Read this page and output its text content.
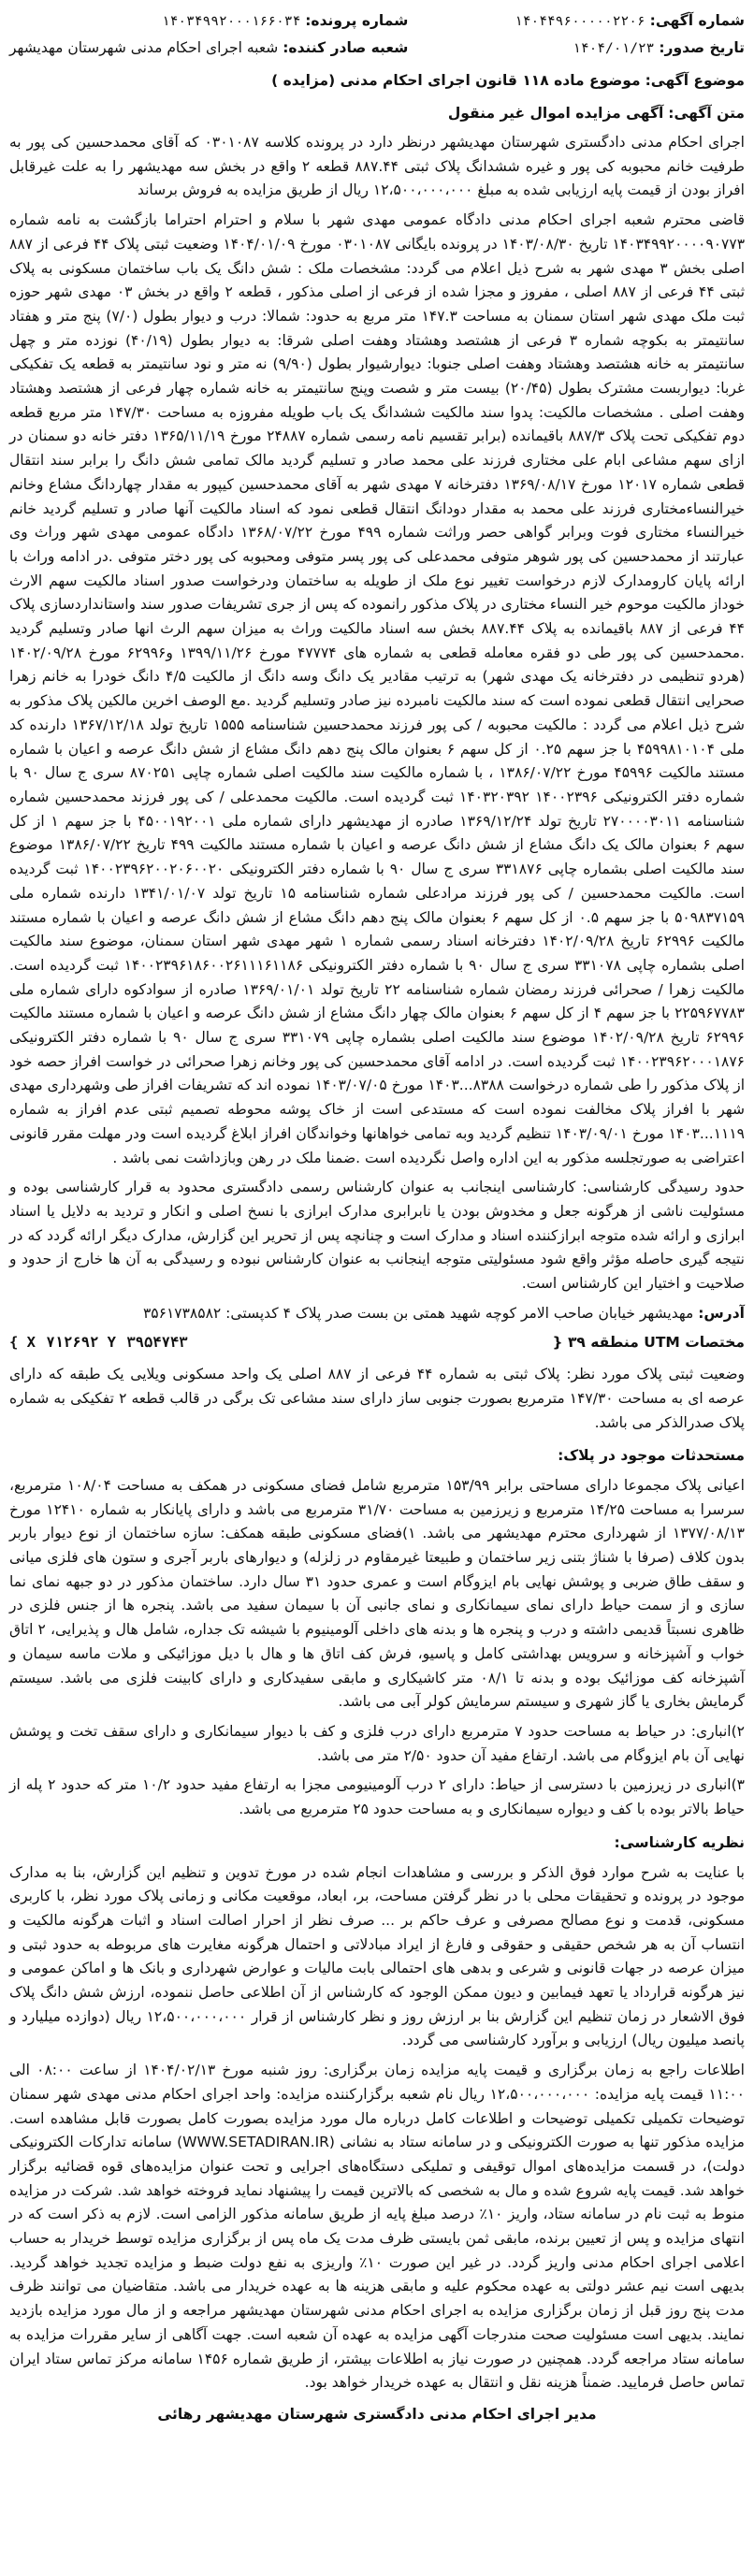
شماره آگهی: ۱۴۰۴۴۹۶۰۰۰۰۰۲۲۰۶
تاریخ صدور: ۱۴۰۴/۰۱/۲۳
شماره پرونده: ۱۴۰۳۴۹۹۲۰۰۰۱۶۶۰۳۴
شعبه صادر کننده: شعبه اجرای احکام مدنی شهرستان مهدیشهر
موضوع آگهی: موضوع ماده ۱۱۸ قانون اجرای احکام مدنی (مزایده )
متن آگهی: آگهی مزایده اموال غیر منقول

اجرای احکام مدنی دادگستری شهرستان مهدیشهر درنظر دارد در پرونده کلاسه ۰۳۰۱۰۸۷ که آقای محمدحسین کی پور به طرفیت خانم محبوبه کی پور و غیره ششدانگ پلاک ثبتی ۸۸۷.۴۴ قطعه ۲ واقع در بخش سه مهدیشهر را به علت غیرقابل افراز بودن از قیمت پایه ارزیابی شده به مبلغ ۱۲،۵۰۰،۰۰۰،۰۰۰ ریال از طریق مزایده به فروش برساند

قاضی محترم شعبه اجرای احکام مدنی دادگاه عمومی مهدی شهر با سلام و احترام احتراما بازگشت به نامه شماره ۱۴۰۳۴۹۹۲۰۰۰۰۹۰۷۷۳ تاریخ ۱۴۰۳/۰۸/۳۰ در پرونده بایگانی ۰۳۰۱۰۸۷ مورخ ۱۴۰۴/۰۱/۰۹ وضعیت ثبتی پلاک ۴۴ فرعی از ۸۸۷ اصلی بخش ۳ مهدی شهر به شرح ذیل اعلام می گردد: مشخصات ملک : شش دانگ یک باب ساختمان مسکونی به پلاک ثبتی ۴۴ فرعی از ۸۸۷ اصلی ، مفروز و مجزا شده از فرعی از اصلی مذکور ، قطعه ۲ واقع در بخش ۰۳ مهدی شهر حوزه ثبت ملک مهدی شهر استان سمنان به مساحت ۱۴۷.۳ متر مربع به حدود: شمالا: درب و دیوار بطول (۷/۰) پنج متر و هفتاد سانتیمتر به بکوچه شماره ۳ فرعی از هشتصد وهشتاد وهفت اصلی شرقا: به دیوار بطول (۴۰/۱۹) نوزده متر و چهل سانتیمتر به خانه هشتصد وهشتاد وهفت اصلی جنوبا: دیوارشیوار بطول (۹/۹۰) نه متر و نود سانتیمتر به قطعه یک تفکیکی غربا: دیواربست مشترک بطول (۲۰/۴۵) بیست متر و شصت وپنج سانتیمتر به خانه شماره چهار فرعی از هشتصد وهشتاد وهفت اصلی . مشخصات مالکیت: پدوا سند مالکیت ششدانگ یک باب طویله مفروزه به مساحت ۱۴۷/۳۰ متر مربع قطعه دوم تفکیکی تحت پلاک ۸۸۷/۳ باقیمانده (برابر تقسیم نامه رسمی شماره ۲۴۸۸۷ مورخ ۱۳۶۵/۱۱/۱۹ دفتر خانه دو سمنان در ازای سهم مشاعی ابام علی مختاری فرزند علی محمد صادر و تسلیم گردید مالک تمامی شش دانگ را برابر سند انتقال قطعی شماره ۱۲۰۱۷ مورخ ۱۳۶۹/۰۸/۱۷ دفترخانه ۷ مهدی شهر به آقای محمدحسین کیپور به مقدار چهاردانگ مشاع وخانم خیرالنساءمختاری فرزند علی محمد به مقدار دودانگ انتقال قطعی نمود که اسناد مالکیت آنها صادر و تسلیم گردید خانم خیرالنساء مختاری فوت وبرابر گواهی حصر وراثت شماره ۴۹۹ مورخ ۱۳۶۸/۰۷/۲۲ دادگاه عمومی مهدی شهر وراث وی عبارتند از محمدحسین کی پور شوهر متوفی محمدعلی کی پور پسر متوفی ومحبوبه کی پور دختر متوفی .در ادامه وراث با ارائه پایان کارومدارک لازم درخواست تغییر نوع ملک از طویله به ساختمان ودرخواست صدور اسناد مالکیت سهم الارث خوداز مالکیت موحوم خیر النساء مختاری در پلاک مذکور رانموده که پس از جری تشریفات صدور سند واستانداردسازی پلاک ۴۴ فرعی از ۸۸۷ باقیمانده به پلاک ۸۸۷.۴۴ بخش سه اسناد مالکیت وراث به میزان سهم الرث انها صادر وتسلیم گردید .محمدحسین کی پور طی دو فقره معامله قطعی به شماره های ۴۷۷۷۴ مورخ ۱۳۹۹/۱۱/۲۶ و۶۲۹۹۶ مورخ ۱۴۰۲/۰۹/۲۸ (هردو تنظیمی در دفترخانه یک مهدی شهر) به ترتیب مقادیر یک دانگ وسه دانگ از مالکیت ۴/۵ دانگ خودرا به خانم زهرا صحرایی انتقال قطعی نموده است که سند مالکیت نامبرده نیز صادر وتسلیم گردید .مع الوصف اخرین مالکین پلاک مذکور به شرح ذیل اعلام می گردد : مالکیت محبوبه / کی پور فرزند محمدحسین شناسنامه ۱۵۵۵ تاریخ تولد ۱۳۶۷/۱۲/۱۸ دارنده کد ملی ۴۵۹۹۸۱۰۱۰۴ با جز سهم ۰.۲۵ از کل سهم ۶ بعنوان مالک پنج دهم دانگ مشاع از شش دانگ عرصه و اعیان با شماره مستند مالکیت ۴۵۹۹۶ مورخ ۱۳۸۶/۰۷/۲۲ ، با شماره مالکیت سند مالکیت اصلی شماره چاپی ۸۷۰۲۵۱ سری ج سال ۹۰ با شماره دفتر الکترونیکی ۱۴۰۰۲۳۹۶ ۱۴۰۳۲۰۳۹۲ ثبت گردیده است. مالکیت محمدعلی / کی پور فرزند محمدحسین شماره شناسنامه ۲۷۰۰۰۰۳۰۱۱ تاریخ تولد ۱۳۶۹/۱۲/۲۴ صادره از مهدیشهر دارای شماره ملی ۴۵۰۰۱۹۲۰۰۱ با جز سهم ۱ از کل سهم ۶ بعنوان مالک یک دانگ مشاع از شش دانگ عرصه و اعیان با شماره مستند مالکیت ۴۹۹ تاریخ ۱۳۸۶/۰۷/۲۲ موضوع سند مالکیت اصلی بشماره چاپی ۳۳۱۸۷۶ سری ج سال ۹۰ با شماره دفتر الکترونیکی ۱۴۰۰۲۳۹۶۲۰۰۲۰۶۰۰۲۰ ثبت گردیده است. مالکیت محمدحسین / کی پور فرزند مرادعلی شماره شناسنامه ۱۵ تاریخ تولد ۱۳۴۱/۰۱/۰۷ دارنده شماره ملی ۵۰۹۸۳۷۱۵۹ با جز سهم ۰.۵ از کل سهم ۶ بعنوان مالک پنج دهم دانگ مشاع از شش دانگ عرصه و اعیان با شماره مستند مالکیت ۶۲۹۹۶ تاریخ ۱۴۰۲/۰۹/۲۸ دفترخانه اسناد رسمی شماره ۱ شهر مهدی شهر استان سمنان، موضوع سند مالکیت اصلی بشماره چاپی ۳۳۱۰۷۸ سری ج سال ۹۰ با شماره دفتر الکترونیکی ۱۴۰۰۲۳۹۶۱۸۶۰۰۲۶۱۱۱۶۱۱۸۶ ثبت گردیده است. مالکیت زهرا / صحرائی فرزند رمضان شماره شناسنامه ۲۲ تاریخ تولد ۱۳۶۹/۰۱/۰۱ صادره از سوادکوه دارای شماره ملی ۲۲۵۹۶۷۷۸۳ با جز سهم ۴ از کل سهم ۶ بعنوان مالک چهار دانگ مشاع از شش دانگ عرصه و اعیان با شماره مستند مالکیت ۶۲۹۹۶ تاریخ ۱۴۰۲/۰۹/۲۸ موضوع سند مالکیت اصلی بشماره چاپی ۳۳۱۰۷۹ سری ج سال ۹۰ با شماره دفتر الکترونیکی ۱۴۰۰۲۳۹۶۲۰۰۰۱۸۷۶ ثبت گردیده است. در ادامه آقای محمدحسین کی پور وخانم زهرا صحرائی در خواست افراز حصه خود از پلاک مذکور را طی شماره درخواست ۸۳۸۸...۱۴۰۳ مورخ ۱۴۰۳/۰۷/۰۵ نموده اند که تشریفات افراز طی وشهرداری مهدی شهر با افراز پلاک مخالفت نموده است که مستدعی است از خاک پوشه محوطه تصمیم ثبتی عدم افراز به شماره ۱۱۱۹...۱۴۰۳ مورخ ۱۴۰۳/۰۹/۰۱ تنظیم گردید وبه تمامی خواهانها وخواندگان افراز ابلاغ گردیده است ودر مهلت مقرر قانونی اعتراضی به صورتجلسه مذکور به این اداره واصل نگردیده است .ضمنا ملک در رهن وبازداشت نمی باشد .

حدود رسیدگی کارشناسی: کارشناسی اینجانب به عنوان کارشناس رسمی دادگستری محدود به قرار کارشناسی بوده و مسئولیت ناشی از هرگونه جعل و مخدوش بودن یا نابرابری مدارک ابرازی با نسخ اصلی و انکار و تردید به دلایل یا اسناد ابرازی و ارائه شده متوجه ابرازکننده اسناد و مدارک است و چنانچه پس از تحریر این گزارش، مدارک دیگر ارائه گردد که در نتیجه گیری حاصله مؤثر واقع شود مسئولیتی متوجه اینجانب به عنوان کارشناس نبوده و رسیدگی به آن ها خارج از حدود و صلاحیت و اختیار این کارشناس است.

آدرس: مهدیشهر خیابان صاحب الامر کوچه شهید همتی بن بست صدر پلاک ۴ کدپستی: ۳۵۶۱۷۳۸۵۸۲
مختصات UTM منطقه ۳۹ {
X ۷۱۲۶۹۲ Y ۳۹۵۴۷۴۳ }

وضعیت ثبتی پلاک مورد نظر: پلاک ثبتی به شماره ۴۴ فرعی از ۸۸۷ اصلی یک واحد مسکونی ویلایی یک طبقه که دارای عرصه ای به مساحت ۱۴۷/۳۰ مترمربع بصورت جنوبی ساز دارای سند مشاعی تک برگی در قالب قطعه ۲ تفکیکی به شماره پلاک صدرالذکر می باشد.

مستحدثات موجود در پلاک:

اعیانی پلاک مجموعا دارای مساحتی برابر ۱۵۳/۹۹ مترمربع شامل فضای مسکونی در همکف به مساحت ۱۰۸/۰۴ مترمربع، سرسرا به مساحت ۱۴/۲۵ مترمربع و زیرزمین به مساحت ۳۱/۷۰ مترمربع می باشد و دارای پایانکار به شماره ۱۲۴۱۰ مورخ ۱۳۷۷/۰۸/۱۳ از شهرداری محترم مهدیشهر می باشد. ۱)فضای مسکونی طبقه همکف: سازه ساختمان از نوع دیوار باربر بدون کلاف (صرفا با شناژ بتنی زیر ساختمان و طبیعتا غیرمقاوم در زلزله) و دیوارهای باربر آجری و ستون های فلزی میانی و سقف طاق ضربی و پوشش نهایی بام ایزوگام است و عمری حدود ۳۱ سال دارد. ساختمان مذکور در دو جبهه نمای نما سازی و از سمت حیاط دارای نمای سیمانکاری و نمای جانبی آن با سیمان سفید می باشد. پنجره ها از جنس فلزی در ظاهری نسبتاً قدیمی داشته و درب و پنجره ها و بدنه های داخلی آلومینیوم با شیشه تک جداره، شامل هال و پذیرایی، ۲ اتاق خواب و آشپزخانه و سرویس بهداشتی کامل و پاسیو، فرش کف اتاق ها و هال با دیل موزائیکی و ملات ماسه سیمان و آشپزخانه کف موزائیک بوده و بدنه تا ۰۸/۱ متر کاشیکاری و مابقی سفیدکاری و دارای کابینت فلزی می باشد. سیستم گرمایش بخاری یا گاز شهری و سیستم سرمایش کولر آبی می باشد.

۲)انباری: در حیاط به مساحت حدود ۷ مترمربع دارای درب فلزی و کف با دیوار سیمانکاری و دارای سقف تخت و پوشش نهایی آن بام ایزوگام می باشد. ارتفاع مفید آن حدود ۲/۵۰ متر می باشد.

۳)انباری در زیرزمین با دسترسی از حیاط: دارای ۲ درب آلومینیومی مجزا به ارتفاع مفید حدود ۱۰/۲ متر که حدود ۲ پله از حیاط بالاتر بوده با کف و دیواره سیمانکاری و به مساحت حدود ۲۵ مترمربع می باشد.

نظریه کارشناسی:

با عنایت به شرح موارد فوق الذکر و بررسی و مشاهدات انجام شده در مورخ تدوین و تنظیم این گزارش، بنا به مدارک موجود در پرونده و تحقیقات محلی با در نظر گرفتن مساحت، بر، ابعاد، موقعیت مکانی و زمانی پلاک مورد نظر، با کاربری مسکونی، قدمت و نوع مصالح مصرفی و عرف حاکم بر ... صرف نظر از احرار اصالت اسناد و اثبات هرگونه مالکیت و انتساب آن به هر شخص حقیقی و حقوقی و فارغ از ایراد مبادلاتی و احتمال هرگونه مغایرت های مربوطه به حدود ثبتی و میزان عرصه در جهات قانونی و شرعی و بدهی های احتمالی بابت مالیات و عوارض شهرداری و بانک ها و اماکن عمومی و نیز هرگونه قرارداد یا تعهد فیمابین و دیون ممکن الوجود که کارشناس از آن اطلاعی حاصل ننموده، ارزش شش دانگ پلاک فوق الاشعار در زمان تنظیم این گزارش بنا بر ارزش روز و نظر کارشناس از قرار ۱۲،۵۰۰،۰۰۰،۰۰۰ ریال (دوازده میلیارد و پانصد میلیون ریال) ارزیابی و برآورد کارشناسی می گردد.

اطلاعات راجع به زمان برگزاری و قیمت پایه مزایده زمان برگزاری: روز شنبه مورخ ۱۴۰۴/۰۲/۱۳ از ساعت ۰۸:۰۰ الی ۱۱:۰۰ قیمت پایه مزایده: ۱۲،۵۰۰،۰۰۰،۰۰۰ ریال نام شعبه برگزارکننده مزایده: واحد اجرای احکام مدنی مهدی شهر سمنان توضیحات تکمیلی تکمیلی توضیحات و اطلاعات کامل درباره مال مورد مزایده بصورت کامل بصورت قابل مشاهده است. مزایده مذکور تنها به صورت الکترونیکی و در سامانه ستاد به نشانی (WWW.SETADIRAN.IR) سامانه تدارکات الکترونیکی دولت)، در قسمت مزایده‌های اموال توقیفی و تملیکی دستگاه‌های اجرایی و تحت عنوان مزایده‌های قوه قضائیه برگزار خواهد شد. قیمت پایه شروع شده و مال به شخصی که بالاترین قیمت را پیشنهاد نماید فروخته خواهد شد. شرکت در مزایده منوط به ثبت نام در سامانه ستاد، واریز ۱۰٪ درصد مبلغ پایه از طریق سامانه مذکور الزامی است. لازم به ذکر است که در انتهای مزایده و پس از تعیین برنده، مابقی ثمن بایستی ظرف مدت یک ماه پس از برگزاری مزایده توسط خریدار به حساب اعلامی اجرای احکام مدنی واریز گردد. در غیر این صورت ۱۰٪ واریزی به نفع دولت ضبط و مزایده تجدید خواهد گردید. بدیهی است نیم عشر دولتی به عهده محکوم علیه و مابقی هزینه ها به عهده خریدار می باشد. متقاضیان می توانند ظرف مدت پنج روز قبل از زمان برگزاری مزایده به اجرای احکام مدنی شهرستان مهدیشهر مراجعه و از مال مورد مزایده بازدید نمایند. بدیهی است مسئولیت صحت مندرجات آگهی مزایده به عهده آن شعبه است. جهت آگاهی از سایر مقررات مزایده به سامانه ستاد مراجعه گردد. همچنین در صورت نیاز به اطلاعات بیشتر، از طریق شماره ۱۴۵۶ سامانه مرکز تماس ستاد ایران تماس حاصل فرمایید. ضمناً هزینه نقل و انتقال به عهده خریدار خواهد بود.

مدیر اجرای احکام مدنی دادگستری شهرستان مهدیشهر رهائی
